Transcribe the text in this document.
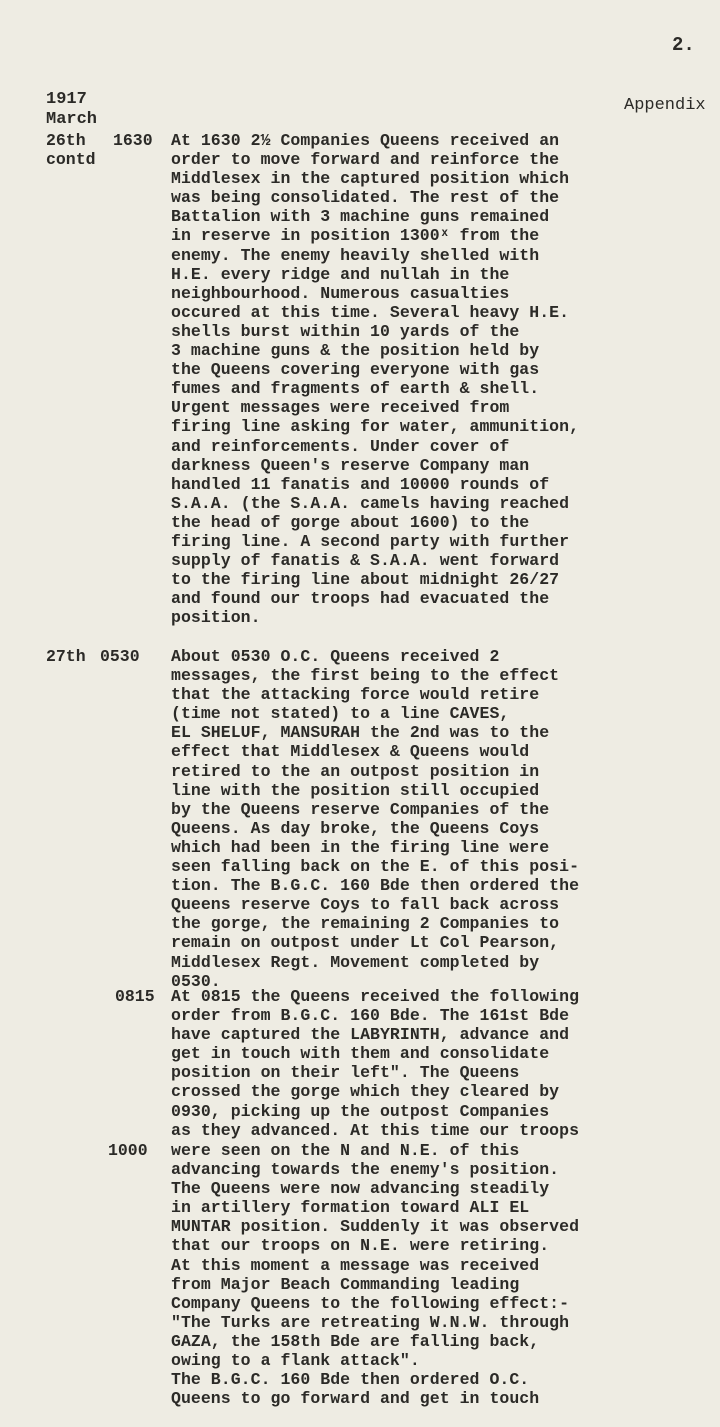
2.
Appendix
1917
March
26th 1630
contd
At 1630 2½ Companies Queens received an
order to move forward and reinforce the
Middlesex in the captured position which
was being consolidated. The rest of the
Battalion with 3 machine guns remained
in reserve in position 1300ˣ from the
enemy. The enemy heavily shelled with
H.E. every ridge and nullah in the
neighbourhood. Numerous casualties
occured at this time. Several heavy H.E.
shells burst within 10 yards of the
3 machine guns & the position held by
the Queens covering everyone with gas
fumes and fragments of earth & shell.
Urgent messages were received from
firing line asking for water, ammunition,
and reinforcements. Under cover of
darkness Queen's reserve Company man
handled 11 fanatis and 10000 rounds of
S.A.A. (the S.A.A. camels having reached
the head of gorge about 1600) to the
firing line. A second party with further
supply of fanatis & S.A.A. went forward
to the firing line about midnight 26/27
and found our troops had evacuated the
position.
27th 0530 About 0530 O.C. Queens received 2
messages, the first being to the effect
that the attacking force would retire
(time not stated) to a line CAVES,
EL SHELUF, MANSURAH the 2nd was to the
effect that Middlesex & Queens would
retired to the an outpost position in
line with the position still occupied
by the Queens reserve Companies of the
Queens. As day broke, the Queens Coys
which had been in the firing line were
seen falling back on the E. of this posi-
tion. The B.G.C. 160 Bde then ordered the
Queens reserve Coys to fall back across
the gorge, the remaining 2 Companies to
remain on outpost under Lt Col Pearson,
Middlesex Regt. Movement completed by
0530.
0815 At 0815 the Queens received the following
order from B.G.C. 160 Bde. The 161st Bde
have captured the LABYRINTH, advance and
get in touch with them and consolidate
position on their left". The Queens
crossed the gorge which they cleared by
0930, picking up the outpost Companies
as they advanced. At this time our troops
1000 were seen on the N and N.E. of this
advancing towards the enemy's position.
The Queens were now advancing steadily
in artillery formation toward ALI EL
MUNTAR position. Suddenly it was observed
that our troops on N.E. were retiring.
At this moment a message was received
from Major Beach Commanding leading
Company Queens to the following effect:-
"The Turks are retreating W.N.W. through
GAZA, the 158th Bde are falling back,
owing to a flank attack".
The B.G.C. 160 Bde then ordered O.C.
Queens to go forward and get in touch
